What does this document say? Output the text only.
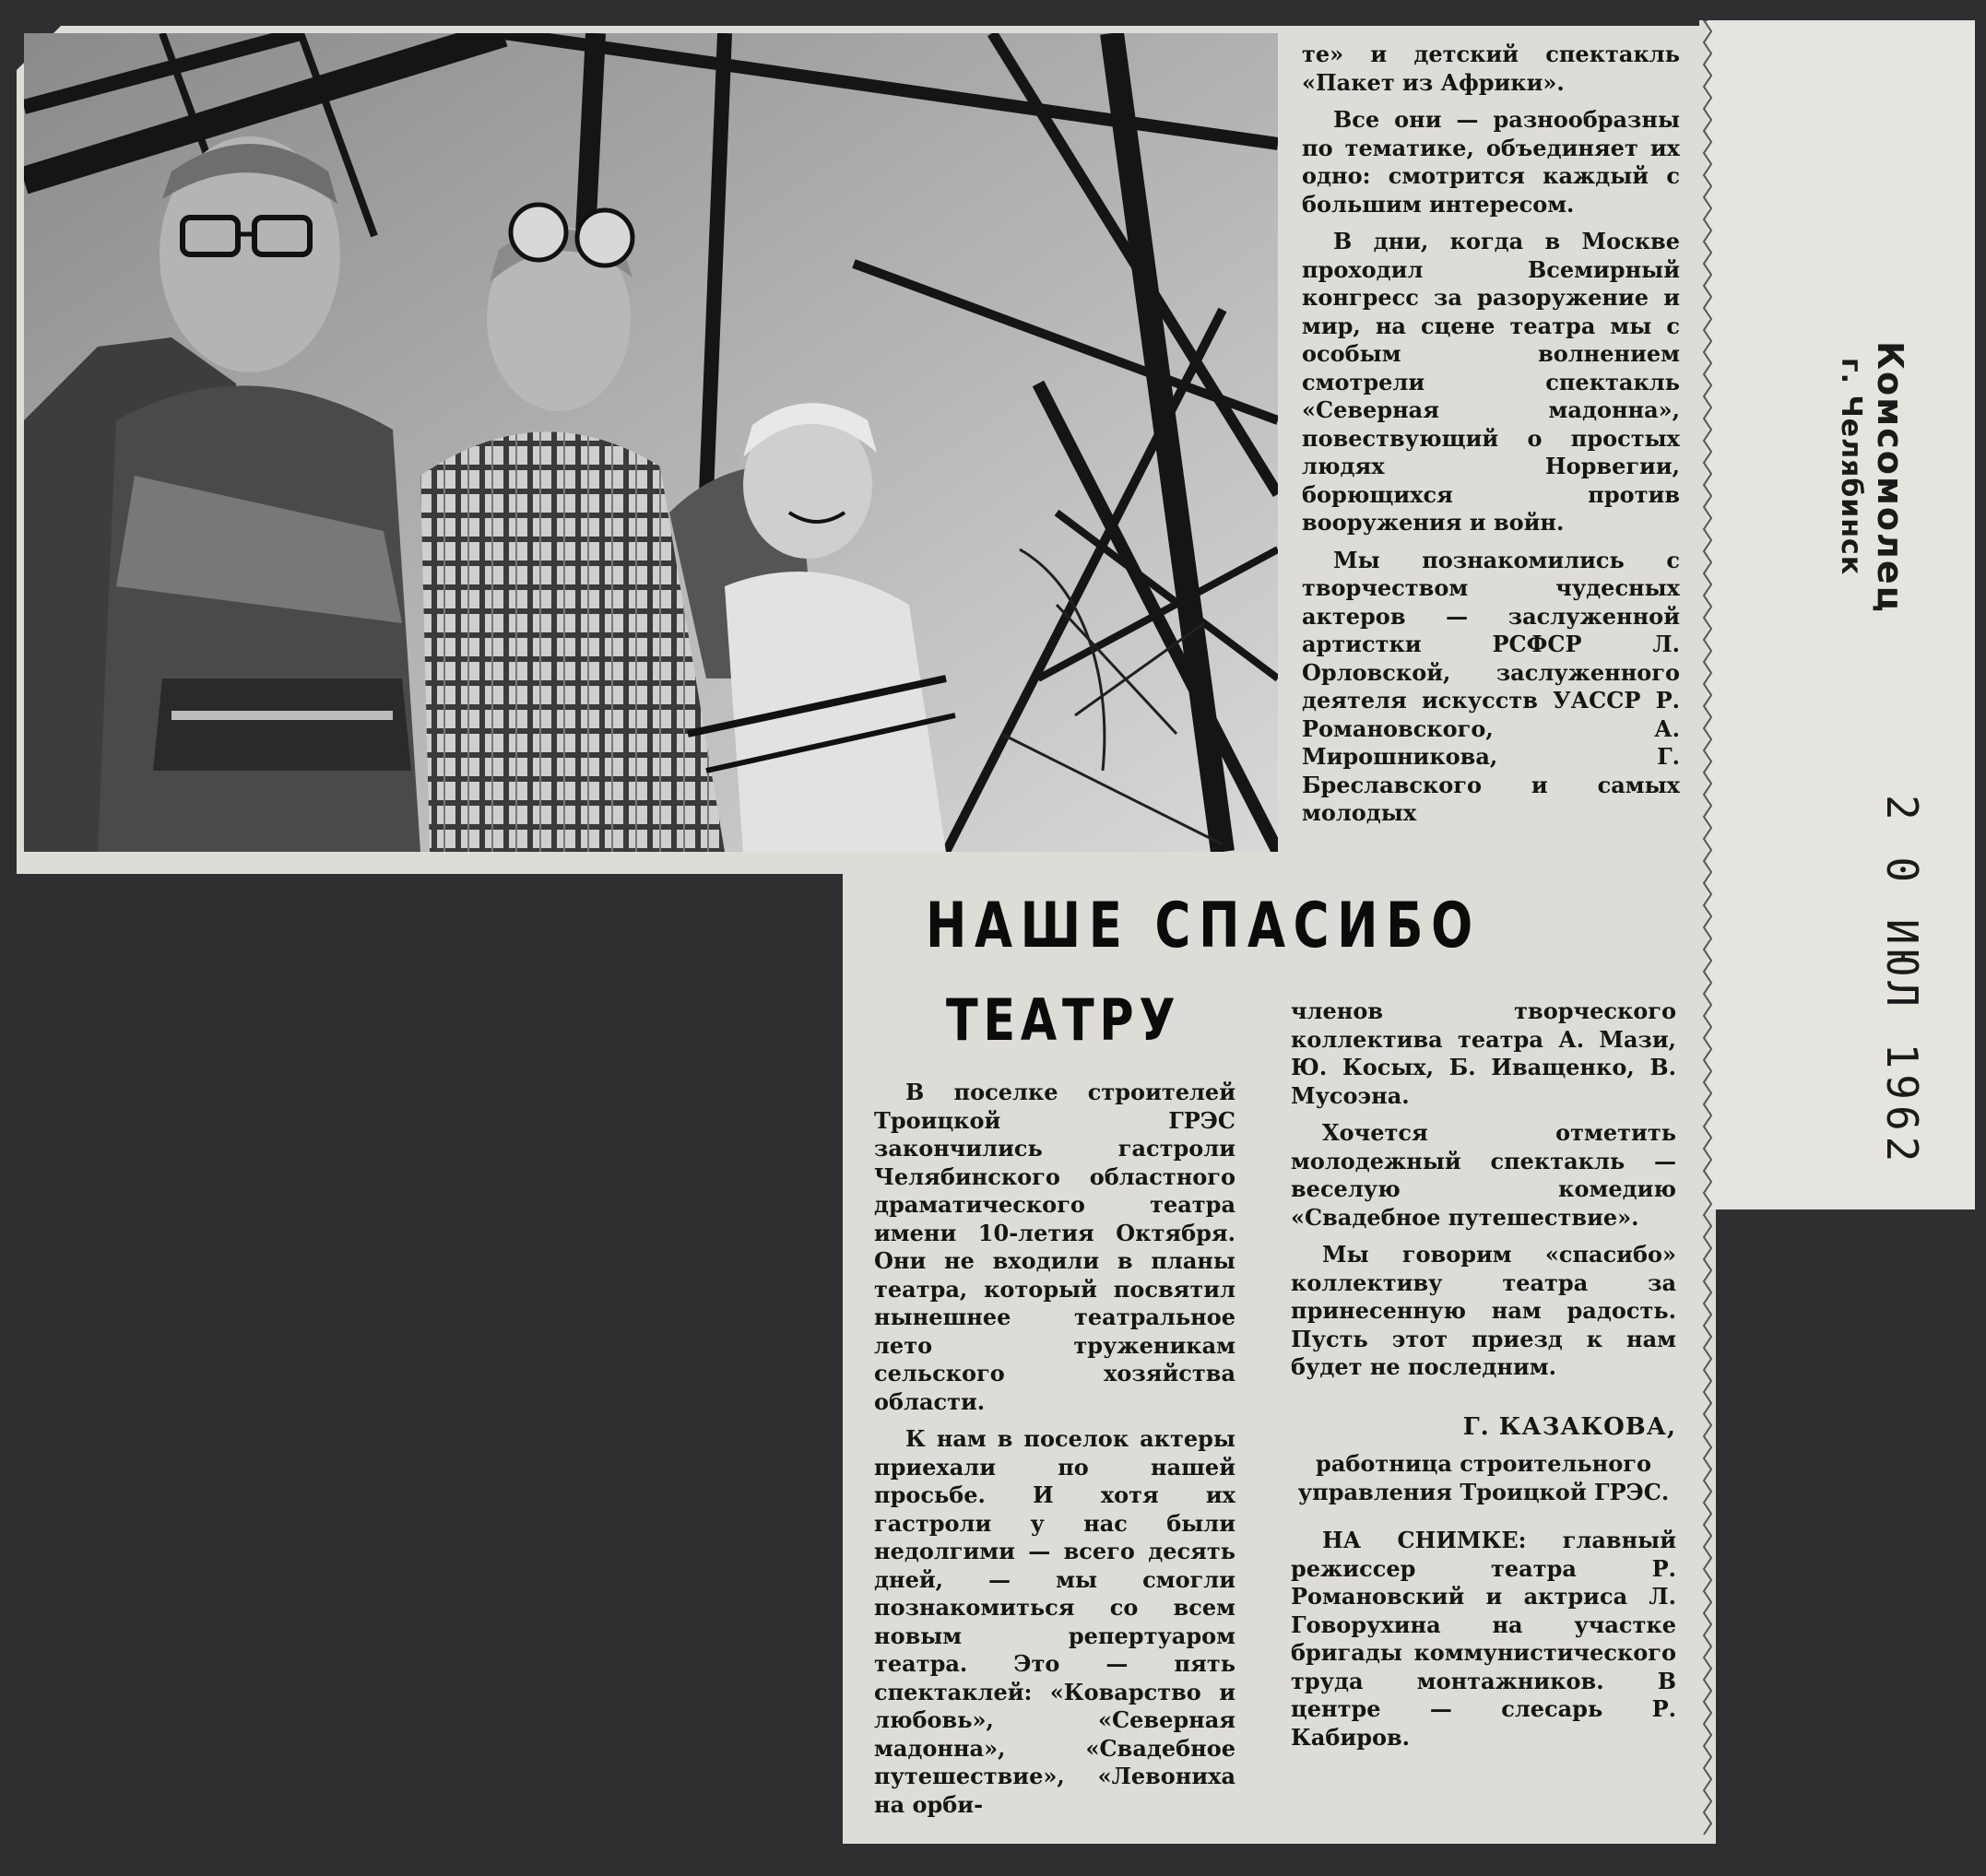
те» и детский спектакль «Пакет из Африки».

Все они — разнообразны по тематике, объединяет их одно: смотрится каждый с большим интересом.

В дни, когда в Москве проходил Всемирный конгресс за разоружение и мир, на сцене театра мы с особым волнением смотрели спектакль «Северная мадонна», повествующий о простых людях Норвегии, борющихся против вооружения и войн.

Мы познакомились с творчеством чудесных актеров — заслуженной артистки РСФСР Л. Орловской, заслуженного деятеля искусств УАССР Р. Романовского, А. Мирошникова, Г. Бреславского и самых молодых

НАШЕ СПАСИБО
ТЕАТРУ

В поселке строителей Троицкой ГРЭС закончились гастроли Челябинского областного драматического театра имени 10-летия Октября. Они не входили в планы театра, который посвятил нынешнее театральное лето труженикам сельского хозяйства области.

К нам в поселок актеры приехали по нашей просьбе. И хотя их гастроли у нас были недолгими — всего десять дней, — мы смогли познакомиться со всем новым репертуаром театра. Это — пять спектаклей: «Коварство и любовь», «Северная мадонна», «Свадебное путешествие», «Левониха на орби-

членов творческого коллектива театра А. Мази, Ю. Косых, Б. Иващенко, В. Мусоэна.

Хочется отметить молодежный спектакль — веселую комедию «Свадебное путешествие».

Мы говорим «спасибо» коллективу театра за принесенную нам радость. Пусть этот приезд к нам будет не последним.

Г. КАЗАКОВА,

работница строительного управления Троицкой ГРЭС.

НА СНИМКЕ: главный режиссер театра Р. Романовский и актриса Л. Говорухина на участке бригады коммунистического труда монтажников. В центре — слесарь Р. Кабиров.

Комсомолец
г. Челябинск
2 0 ИЮЛ 1962
